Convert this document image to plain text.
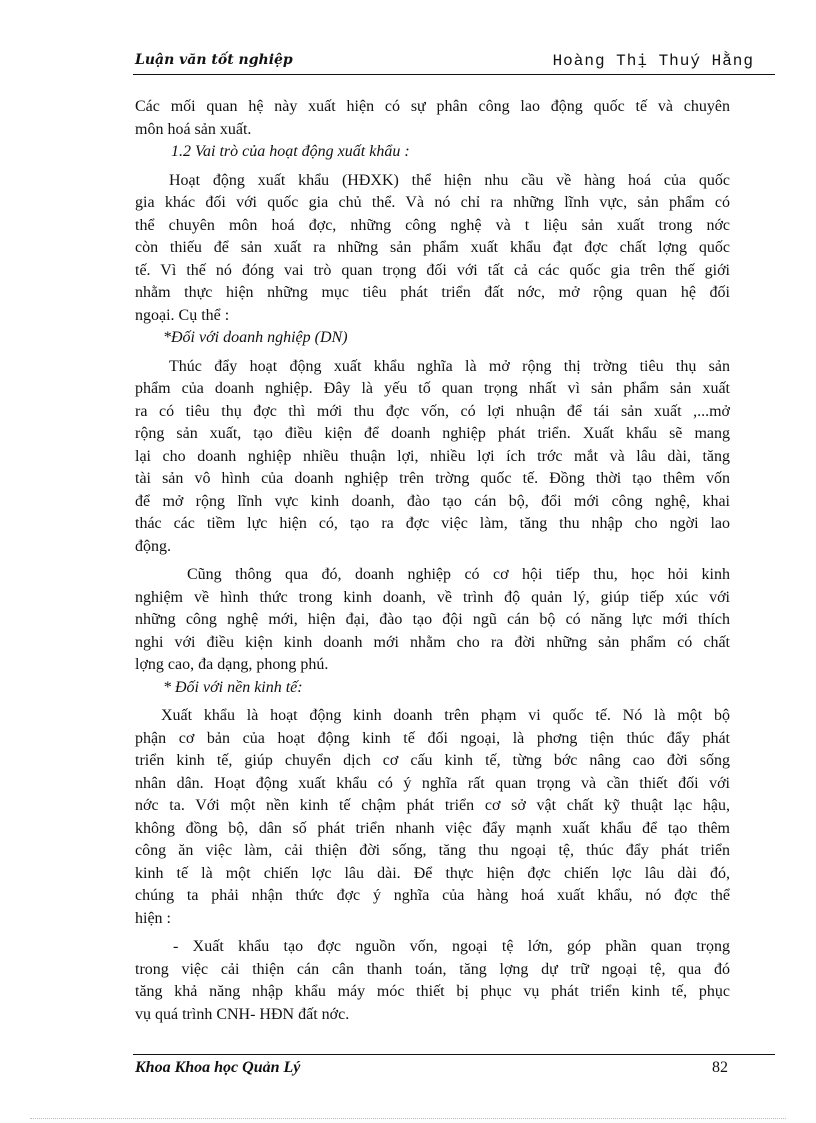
Luận văn tốt nghiệp	Hoàng Thị Thuý Hằng

Các mối quan hệ này xuất hiện có sự phân công lao động quốc tế và chuyên
môn hoá sản xuất.

1.2 Vai trò của hoạt động xuất khẩu :

Hoạt động xuất khẩu (HĐXK) thể hiện nhu cầu về hàng hoá của quốc
gia khác đối với quốc gia chủ thể. Và nó chỉ ra những lĩnh vực, sản phẩm có
thể chuyên môn hoá đợc, những công nghệ và t liệu sản xuất trong nớc
còn thiếu để sản xuất ra những sản phẩm xuất khẩu đạt đợc chất lợng quốc
tế. Vì thế nó đóng vai trò quan trọng đối với tất cả các quốc gia trên thế giới
nhằm thực hiện những mục tiêu phát triển đất nớc, mở rộng quan hệ đối
ngoại. Cụ thể :

*Đối với doanh nghiệp (DN)

Thúc đẩy hoạt động xuất khẩu nghĩa là mở rộng thị trờng tiêu thụ sản
phẩm của doanh nghiệp. Đây là yếu tố quan trọng nhất vì sản phẩm sản xuất
ra có tiêu thụ đợc thì mới thu đợc vốn, có lợi nhuận để tái sản xuất ,...mở
rộng sản xuất, tạo điều kiện để doanh nghiệp phát triển. Xuất khẩu sẽ mang
lại cho doanh nghiệp nhiều thuận lợi, nhiều lợi ích trớc mắt và lâu dài, tăng
tài sản vô hình của doanh nghiệp trên trờng quốc tế. Đồng thời tạo thêm vốn
để mở rộng lĩnh vực kinh doanh, đào tạo cán bộ, đổi mới công nghệ, khai
thác các tiềm lực hiện có, tạo ra đợc việc làm, tăng thu nhập cho ngời lao
động.

Cũng thông qua đó, doanh nghiệp có cơ hội tiếp thu, học hỏi kinh
nghiệm về hình thức trong kinh doanh, về trình độ quản lý, giúp tiếp xúc với
những công nghệ mới, hiện đại, đào tạo đội ngũ cán bộ có năng lực mới thích
nghi với điều kiện kinh doanh mới nhằm cho ra đời những sản phẩm có chất
lợng cao, đa dạng, phong phú.

* Đối với nền kinh tế:

Xuất khẩu là hoạt động kinh doanh trên phạm vi quốc tế. Nó là một bộ
phận cơ bản của hoạt động kinh tế đối ngoại, là phơng tiện thúc đẩy phát
triển kinh tế, giúp chuyển dịch cơ cấu kinh tế, từng bớc nâng cao đời sống
nhân dân. Hoạt động xuất khẩu có ý nghĩa rất quan trọng và cần thiết đối với
nớc ta. Với một nền kinh tế chậm phát triển cơ sở vật chất kỹ thuật lạc hậu,
không đồng bộ, dân số phát triển nhanh việc đẩy mạnh xuất khẩu để tạo thêm
công ăn việc làm, cải thiện đời sống, tăng thu ngoại tệ, thúc đẩy phát triển
kinh tế là một chiến lợc lâu dài. Để thực hiện đợc chiến lợc lâu dài đó,
chúng ta phải nhận thức đợc ý nghĩa của hàng hoá xuất khẩu, nó đợc thể
hiện :

- Xuất khẩu tạo đợc nguồn vốn, ngoại tệ lớn, góp phần quan trọng
trong việc cải thiện cán cân thanh toán, tăng lợng dự trữ ngoại tệ, qua đó
tăng khả năng nhập khẩu máy móc thiết bị phục vụ phát triển kinh tế, phục
vụ quá trình CNH- HĐN đất nớc.

Khoa Khoa học Quản Lý	82
